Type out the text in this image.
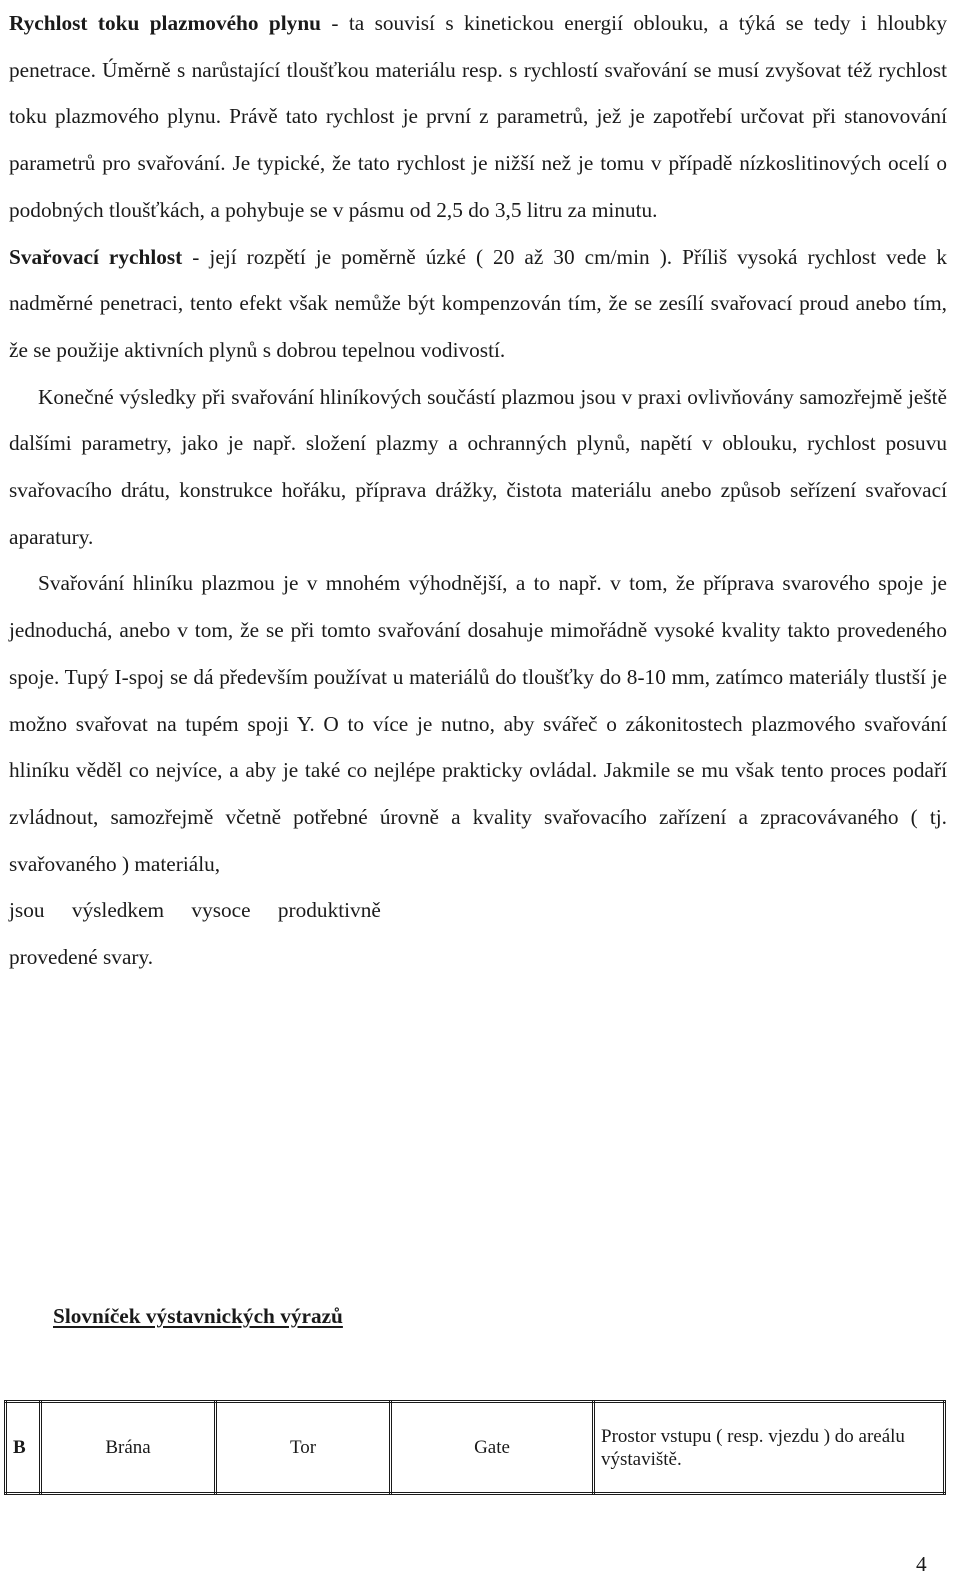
Rychlost toku plazmového plynu - ta souvisí s kinetickou energií oblouku, a týká se tedy i hloubky penetrace. Úměrně s narůstající tloušťkou materiálu resp. s rychlostí svařování se musí zvyšovat též rychlost toku plazmového plynu. Právě tato rychlost je první z parametrů, jež je zapotřebí určovat při stanovování parametrů pro svařování. Je typické, že tato rychlost je nižší než je tomu v případě nízkoslitinových ocelí o podobných tloušťkách, a pohybuje se v pásmu od 2,5 do 3,5 litru za minutu.

Svařovací rychlost - její rozpětí je poměrně úzké ( 20 až 30 cm/min ). Příliš vysoká rychlost vede k nadměrné penetraci, tento efekt však nemůže být kompenzován tím, že se zesílí svařovací proud anebo tím, že se použije aktivních plynů s dobrou tepelnou vodivostí.

Konečné výsledky při svařování hliníkových součástí plazmou jsou v praxi ovlivňovány samozřejmě ještě dalšími parametry, jako je např. složení plazmy a ochranných plynů, napětí v oblouku, rychlost posuvu svařovacího drátu, konstrukce hořáku, příprava drážky, čistota materiálu anebo způsob seřízení svařovací aparatury.

Svařování hliníku plazmou je v mnohém výhodnější, a to např. v tom, že příprava svarového spoje je jednoduchá, anebo v tom, že se při tomto svařování dosahuje mimořádně vysoké kvality takto provedeného spoje. Tupý I-spoj se dá především používat u materiálů do tloušťky do 8-10 mm, zatímco materiály tlustší je možno svařovat na tupém spoji Y. O to více je nutno, aby svářeč o zákonitostech plazmového svařování hliníku věděl co nejvíce, a aby je také co nejlépe prakticky ovládal. Jakmile se mu však tento proces podaří zvládnout, samozřejmě včetně potřebné úrovně a kvality svařovacího zařízení a zpracovávaného ( tj. svařovaného ) materiálu,

jsou výsledkem vysoce produktivně

provedené svary.

Slovníček výstavnických výrazů
B	Brána	Tor	Gate	Prostor vstupu ( resp. vjezdu ) do areálu výstaviště.
4
